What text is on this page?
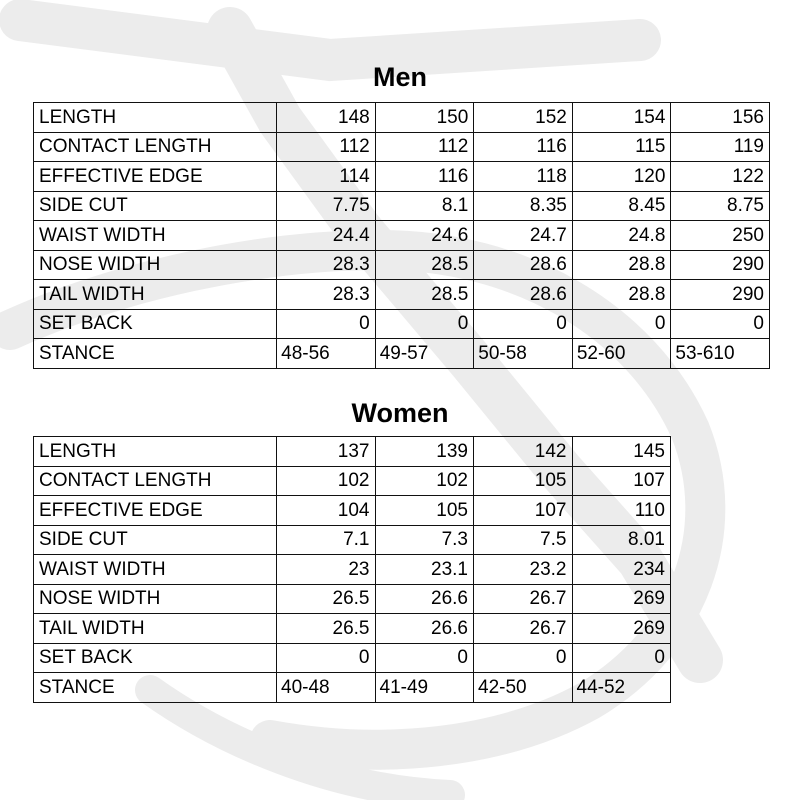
Men
LENGTH	148	150	152	154	156
CONTACT LENGTH	112	112	116	115	119
EFFECTIVE EDGE	114	116	118	120	122
SIDE CUT	7.75	8.1	8.35	8.45	8.75
WAIST WIDTH	24.4	24.6	24.7	24.8	250
NOSE WIDTH	28.3	28.5	28.6	28.8	290
TAIL WIDTH	28.3	28.5	28.6	28.8	290
SET BACK	0	0	0	0	0
STANCE	48-56	49-57	50-58	52-60	53-610
Women
LENGTH	137	139	142	145
CONTACT LENGTH	102	102	105	107
EFFECTIVE EDGE	104	105	107	110
SIDE CUT	7.1	7.3	7.5	8.01
WAIST WIDTH	23	23.1	23.2	234
NOSE WIDTH	26.5	26.6	26.7	269
TAIL WIDTH	26.5	26.6	26.7	269
SET BACK	0	0	0	0
STANCE	40-48	41-49	42-50	44-52
